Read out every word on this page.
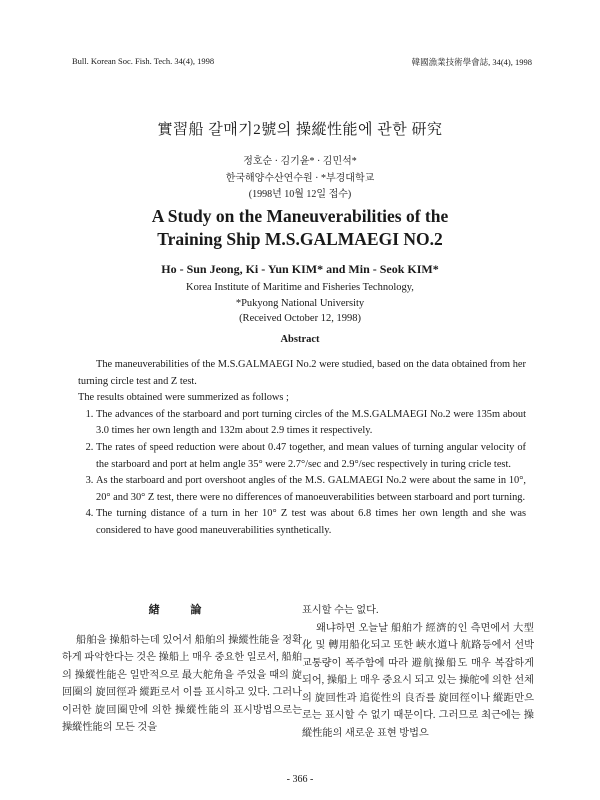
Bull. Korean Soc. Fish. Tech. 34(4), 1998	韓國漁業技術學會誌, 34(4), 1998
實習船 갈매기2號의 操縱性能에 관한 研究
정호순 · 김기윤* · 김민석*
한국해양수산연수원 · *부경대학교
(1998년 10월 12일 접수)
A Study on the Maneuverabilities of the
Training Ship M.S.GALMAEGI NO.2
Ho - Sun Jeong, Ki - Yun KIM* and Min - Seok KIM*
Korea Institute of Maritime and Fisheries Technology,
*Pukyong National University
(Received October 12, 1998)
Abstract

The maneuverabilities of the M.S.GALMAEGI No.2 were studied, based on the data obtained from her turning circle test and Z test.

The results obtained were summerized as follows ;

1. The advances of the starboard and port turning circles of the M.S.GALMAEGI No.2 were 135m about 3.0 times her own length and 132m about 2.9 times it respectively.
2. The rates of speed reduction were about 0.47 together, and mean values of turning angular velocity of the starboard and port at helm angle 35° were 2.7°/sec and 2.9°/sec respectively in turing cricle test.
3. As the starboard and port overshoot angles of the M.S. GALMAEGI No.2 were about the same in 10°, 20° and 30° Z test, there were no differences of manoeuverabilities between starboard and port turning.
4. The turning distance of a turn in her 10° Z test was about 6.8 times her own length and she was considered to have good maneuverabilities synthetically.
緖 論

船舶을 操船하는데 있어서 船舶의 操縱性能을 정확하게 파악한다는 것은 操船上 매우 중요한 일로서, 船舶의 操縱性能은 일반적으로 最大舵角을 주었을 때의 旋回圈의 旋回徑과 縱距로서 이를 표시하고 있다. 그러나 이러한 旋回圈만에 의한 操縱性能의 표시방법으로는 操縱性能의 모든 것을

표시할 수는 없다.

왜냐하면 오늘날 船舶가 經濟的인 측면에서 大型化 및 轉用船化되고 또한 峽水道나 航路등에서 선박 교통량이 폭주함에 따라 避航操船도 매우 복잡하게 되어, 操船上 매우 중요시 되고 있는 操舵에 의한 선체의 旋回性과 追從性의 良否를 旋回徑이나 縱距만으로는 표시할 수 없기 때문이다. 그러므로 최근에는 操縱性能의 새로운 표현 방법으

- 366 -
